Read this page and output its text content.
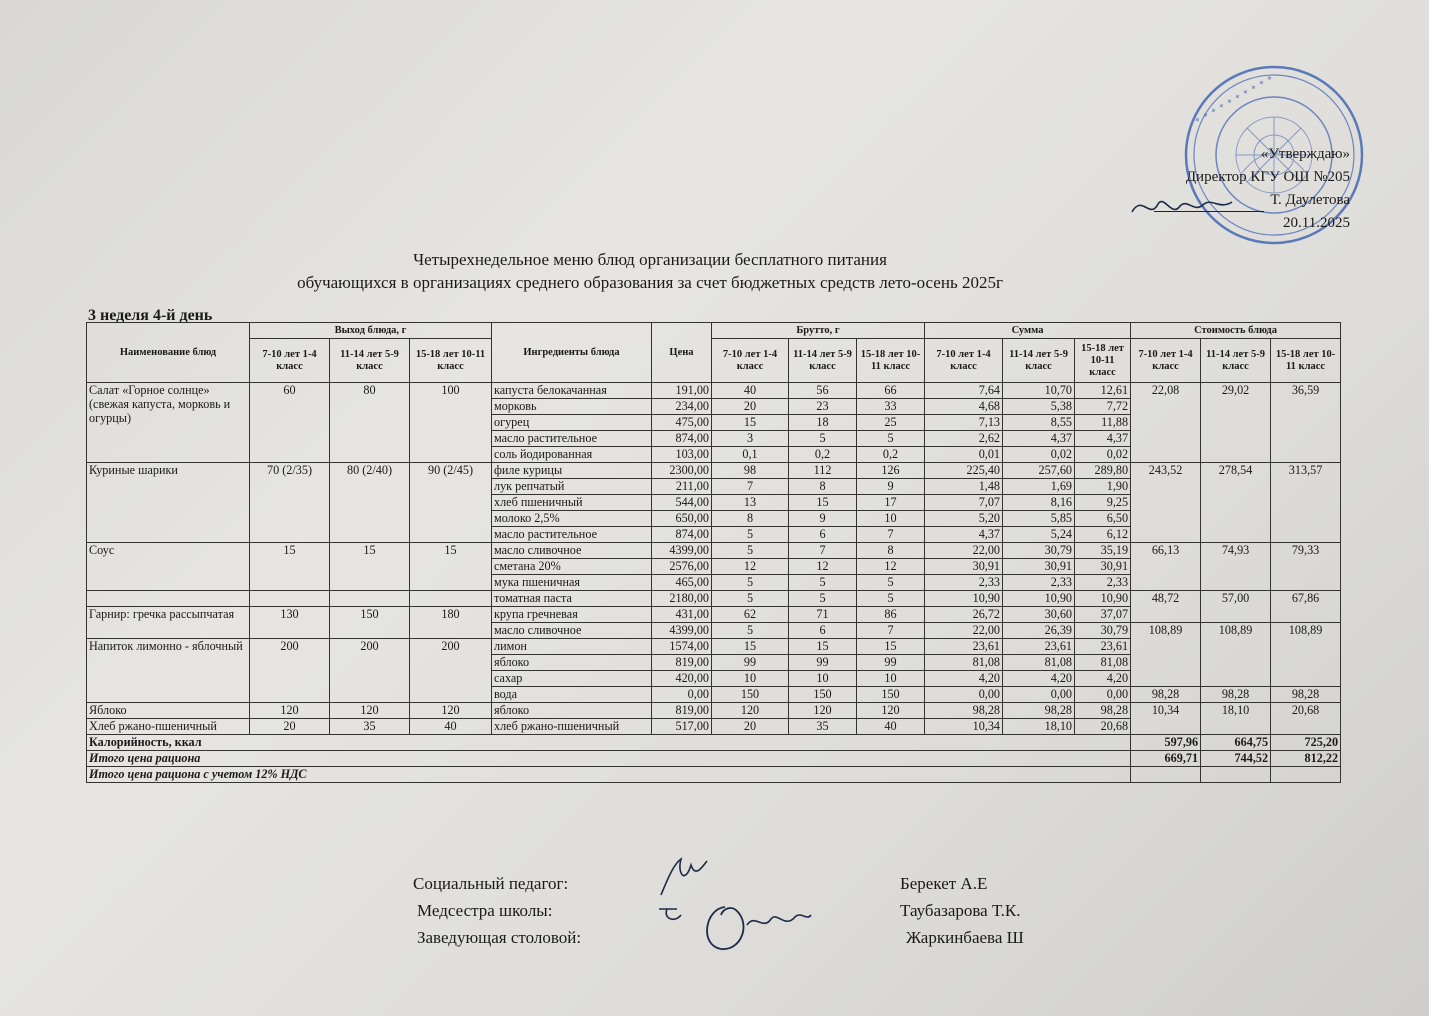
✦ ✦ ✦ ✦ ✦ ✦ ✦ ✦ ✦ ✦
«Утверждаю»
Директор КГУ ОШ №205
Т. Даулетова
20.11.2025
Четырехнедельное меню блюд организации бесплатного питания
обучающихся в организациях среднего образования за счет бюджетных средств лето-осень 2025г
3 неделя 4-й день
Наименование блюд	Выход блюда, г			Ингредиенты блюда	Цена	Брутто, г			Сумма			Стоимость блюда		
	7-10 лет 1-4 класс	11-14 лет 5-9 класс	15-18 лет 10-11 класс			7-10 лет 1-4 класс	11-14 лет 5-9 класс	15-18 лет 10-11 класс	7-10 лет 1-4 класс	11-14 лет 5-9 класс	15-18 лет 10-11 класс	7-10 лет 1-4 класс	11-14 лет 5-9 класс	15-18 лет 10-11 класс
Салат «Горное солнце» (свежая капуста, морковь и огурцы)	60	80	100	капуста белокачанная	191,00	40	56	66	7,64	10,70	12,61	22,08	29,02	36,59
				морковь	234,00	20	23	33	4,68	5,38	7,72			
				огурец	475,00	15	18	25	7,13	8,55	11,88			
				масло растительное	874,00	3	5	5	2,62	4,37	4,37			
				соль йодированная	103,00	0,1	0,2	0,2	0,01	0,02	0,02			
Куриные шарики	70 (2/35)	80 (2/40)	90 (2/45)	филе курицы	2300,00	98	112	126	225,40	257,60	289,80	243,52	278,54	313,57
				лук репчатый	211,00	7	8	9	1,48	1,69	1,90			
				хлеб пшеничный	544,00	13	15	17	7,07	8,16	9,25			
				молоко 2,5%	650,00	8	9	10	5,20	5,85	6,50			
				масло растительное	874,00	5	6	7	4,37	5,24	6,12			
Соус	15	15	15	масло сливочное	4399,00	5	7	8	22,00	30,79	35,19	66,13	74,93	79,33
				сметана 20%	2576,00	12	12	12	30,91	30,91	30,91			
				мука пшеничная	465,00	5	5	5	2,33	2,33	2,33			
				томатная паста	2180,00	5	5	5	10,90	10,90	10,90	48,72	57,00	67,86
Гарнир: гречка рассыпчатая	130	150	180	крупа гречневая	431,00	62	71	86	26,72	30,60	37,07			
				масло сливочное	4399,00	5	6	7	22,00	26,39	30,79	108,89	108,89	108,89
Напиток лимонно - яблочный	200	200	200	лимон	1574,00	15	15	15	23,61	23,61	23,61			
				яблоко	819,00	99	99	99	81,08	81,08	81,08			
				сахар	420,00	10	10	10	4,20	4,20	4,20			
				вода	0,00	150	150	150	0,00	0,00	0,00	98,28	98,28	98,28
Яблоко	120	120	120	яблоко	819,00	120	120	120	98,28	98,28	98,28	10,34	18,10	20,68
Хлеб ржано-пшеничный	20	35	40	хлеб ржано-пшеничный	517,00	20	35	40	10,34	18,10	20,68			
Калорийность, ккал												597,96	664,75	725,20
Итого цена рациона												669,71	744,52	812,22
Итого цена рациона с учетом 12% НДС														
Социальный педагог:	Берекет А.Е
Медсестра школы:	Таубазарова Т.К.
Заведующая столовой:	Жаркинбаева Ш
